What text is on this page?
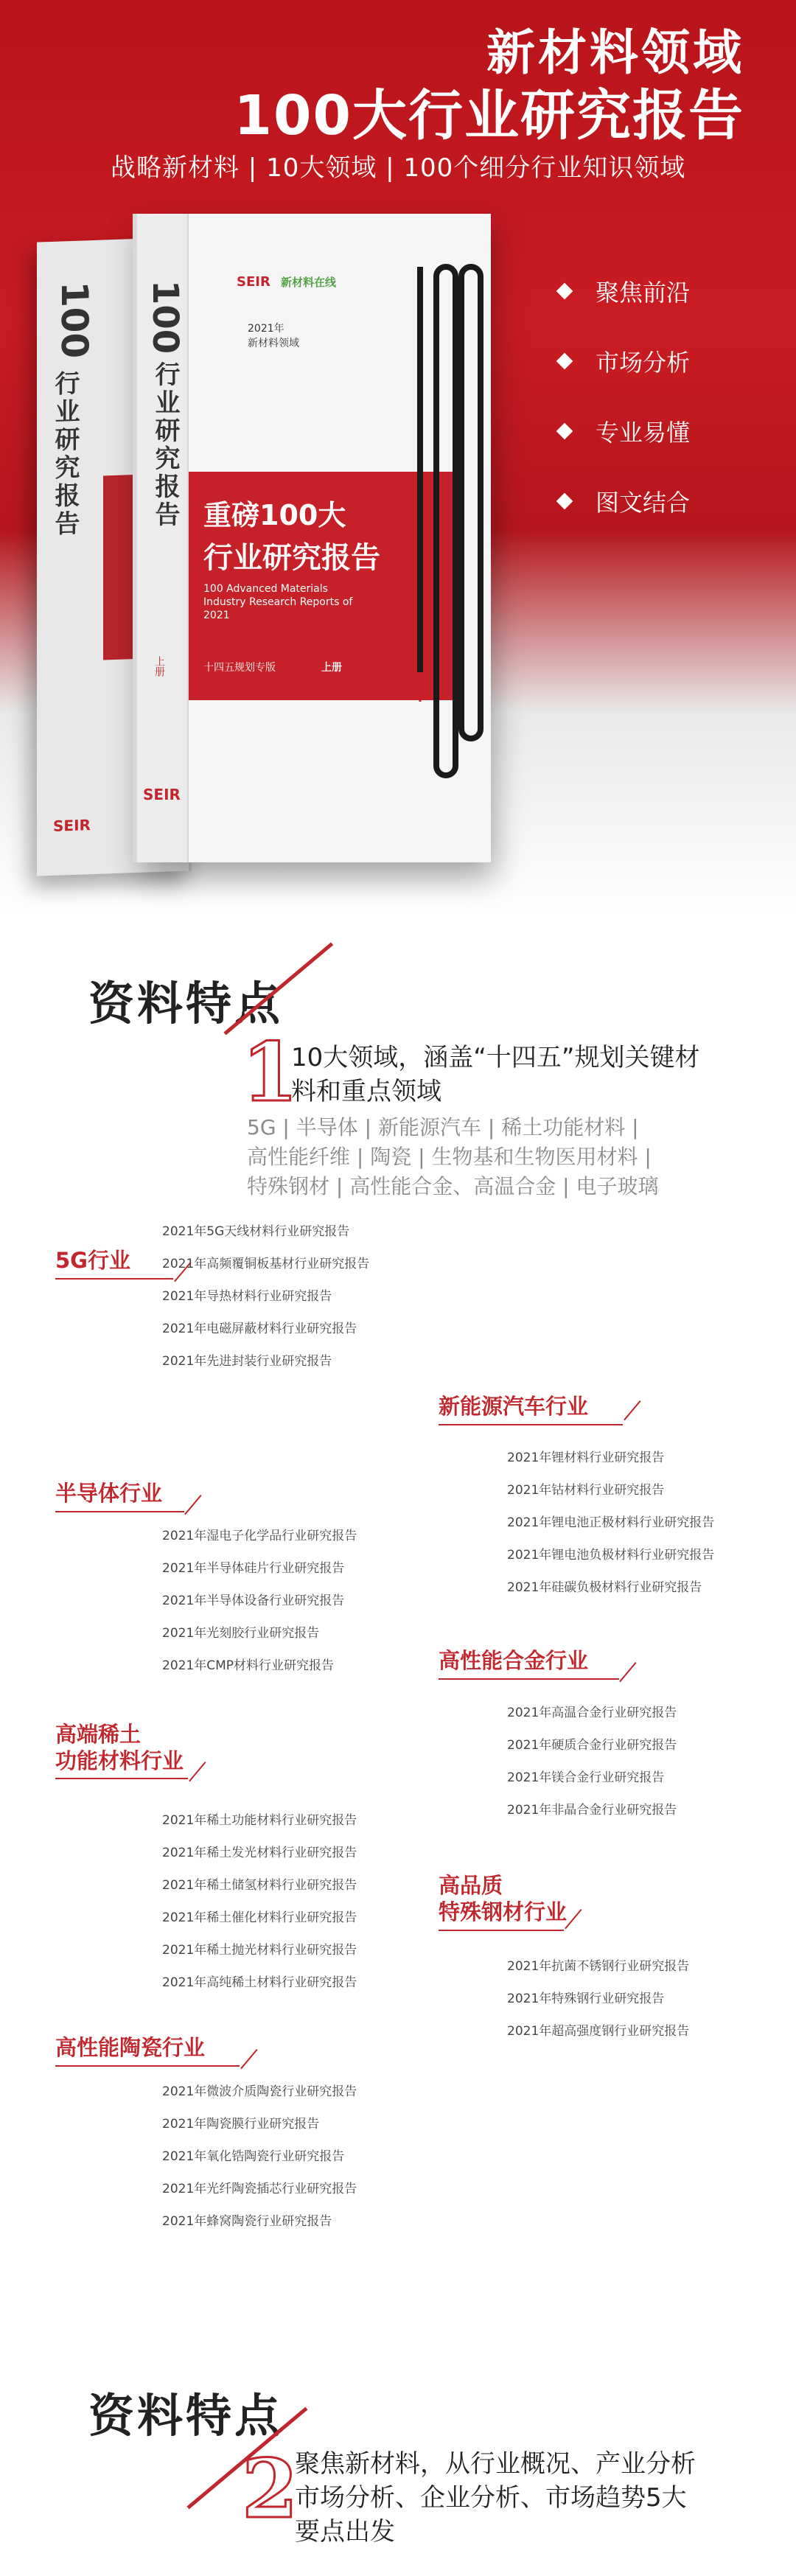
新材料领域
100大行业研究报告
战略新材料 | 10大领域 | 100个细分行业知识领域
聚焦前沿
市场分析
专业易懂
图文结合
100
行业研究报告
SEIR
100
行业研究报告
上册
SEIR
SEIR 新材料在线
2021年
新材料领域
重磅100大
行业研究报告
100 Advanced Materials Industry Research Reports of 2021
十四五规划专版	上册
资料特点
1
10大领域，涵盖“十四五”规划关键材料和重点领域
5G | 半导体 | 新能源汽车 | 稀土功能材料 |
高性能纤维 | 陶瓷 | 生物基和生物医用材料 |
特殊钢材 | 高性能合金、高温合金 | 电子玻璃
5G行业
2021年5G天线材料行业研究报告
2021年高频覆铜板基材行业研究报告
2021年导热材料行业研究报告
2021年电磁屏蔽材料行业研究报告
2021年先进封装行业研究报告
半导体行业
2021年湿电子化学品行业研究报告
2021年半导体硅片行业研究报告
2021年半导体设备行业研究报告
2021年光刻胶行业研究报告
2021年CMP材料行业研究报告
高端稀土
功能材料行业
2021年稀土功能材料行业研究报告
2021年稀土发光材料行业研究报告
2021年稀土储氢材料行业研究报告
2021年稀土催化材料行业研究报告
2021年稀土抛光材料行业研究报告
2021年高纯稀土材料行业研究报告
高性能陶瓷行业
2021年微波介质陶瓷行业研究报告
2021年陶瓷膜行业研究报告
2021年氧化锆陶瓷行业研究报告
2021年光纤陶瓷插芯行业研究报告
2021年蜂窝陶瓷行业研究报告
新能源汽车行业
2021年锂材料行业研究报告
2021年钴材料行业研究报告
2021年锂电池正极材料行业研究报告
2021年锂电池负极材料行业研究报告
2021年硅碳负极材料行业研究报告
高性能合金行业
2021年高温合金行业研究报告
2021年硬质合金行业研究报告
2021年镁合金行业研究报告
2021年非晶合金行业研究报告
高品质
特殊钢材行业
2021年抗菌不锈钢行业研究报告
2021年特殊钢行业研究报告
2021年超高强度钢行业研究报告
资料特点
2
聚焦新材料，从行业概况、产业分析
市场分析、企业分析、市场趋势5大
要点出发
